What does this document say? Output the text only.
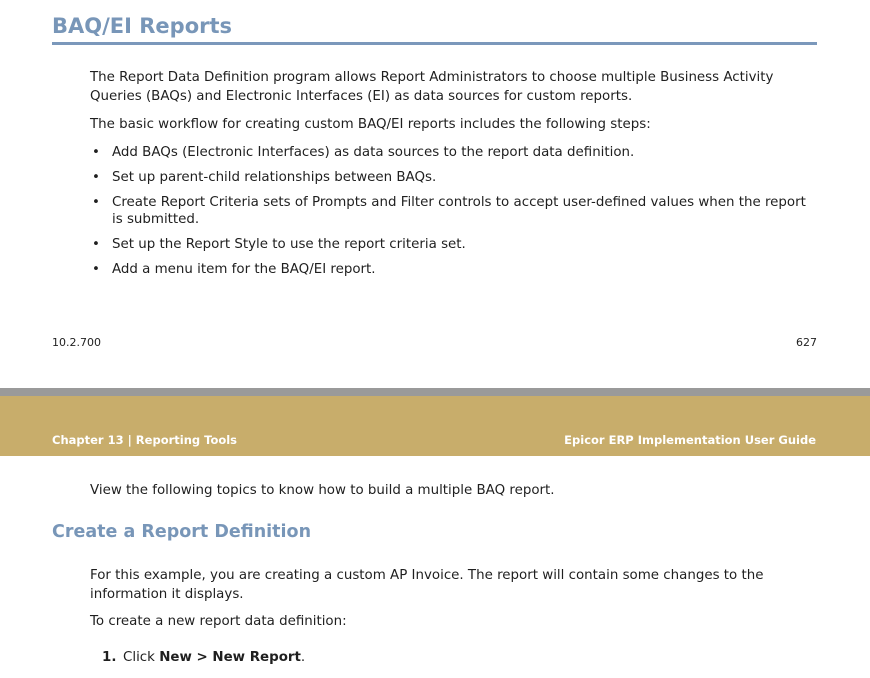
BAQ/EI Reports

The Report Data Definition program allows Report Administrators to choose multiple Business Activity Queries (BAQs) and Electronic Interfaces (EI) as data sources for custom reports.

The basic workflow for creating custom BAQ/EI reports includes the following steps:

• Add BAQs (Electronic Interfaces) as data sources to the report data definition.
• Set up parent-child relationships between BAQs.
• Create Report Criteria sets of Prompts and Filter controls to accept user-defined values when the report is submitted.
• Set up the Report Style to use the report criteria set.
• Add a menu item for the BAQ/EI report.
10.2.700	627
Chapter 13 | Reporting Tools	Epicor ERP Implementation User Guide

View the following topics to know how to build a multiple BAQ report.

Create a Report Definition

For this example, you are creating a custom AP Invoice. The report will contain some changes to the information it displays.

To create a new report data definition:

1. Click New > New Report.
